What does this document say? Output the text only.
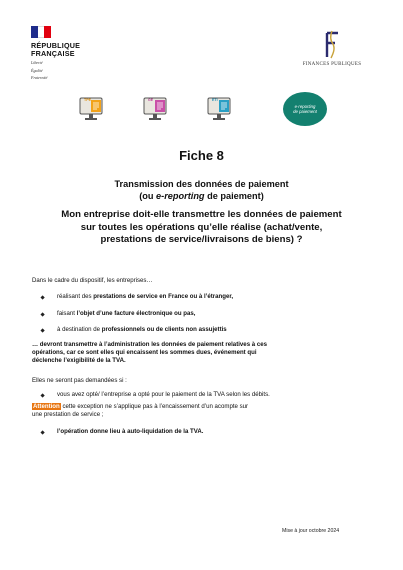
RÉPUBLIQUE
FRANÇAISE
Liberté
Égalité
Fraternité
FINANCES PUBLIQUES
TPE	GE	ETI
e-reporting
de paiement
Fiche 8
Transmission des données de paiement
(ou e-reporting de paiement)
Mon entreprise doit-elle transmettre les données de paiement
sur toutes les opérations qu’elle réalise (achat/vente,
prestations de service/livraisons de biens) ?
Dans le cadre du dispositif, les entreprises…
réalisant des prestations de service en France ou à l’étranger,
faisant l’objet d’une facture électronique ou pas,
à destination de professionnels ou de clients non assujettis
… devront transmettre à l’administration les données de paiement relatives à ces
opérations, car ce sont elles qui encaissent les sommes dues, événement qui
déclenche l’exigibilité de la TVA.
Elles ne seront pas demandées si :
vous avez opté/ l’entreprise a opté pour le paiement de la TVA selon les débits.
Attention cette exception ne s’applique pas à l’encaissement d’un acompte sur
une prestation de service ;
l’opération donne lieu à auto-liquidation de la TVA.
Mise à jour octobre 2024
